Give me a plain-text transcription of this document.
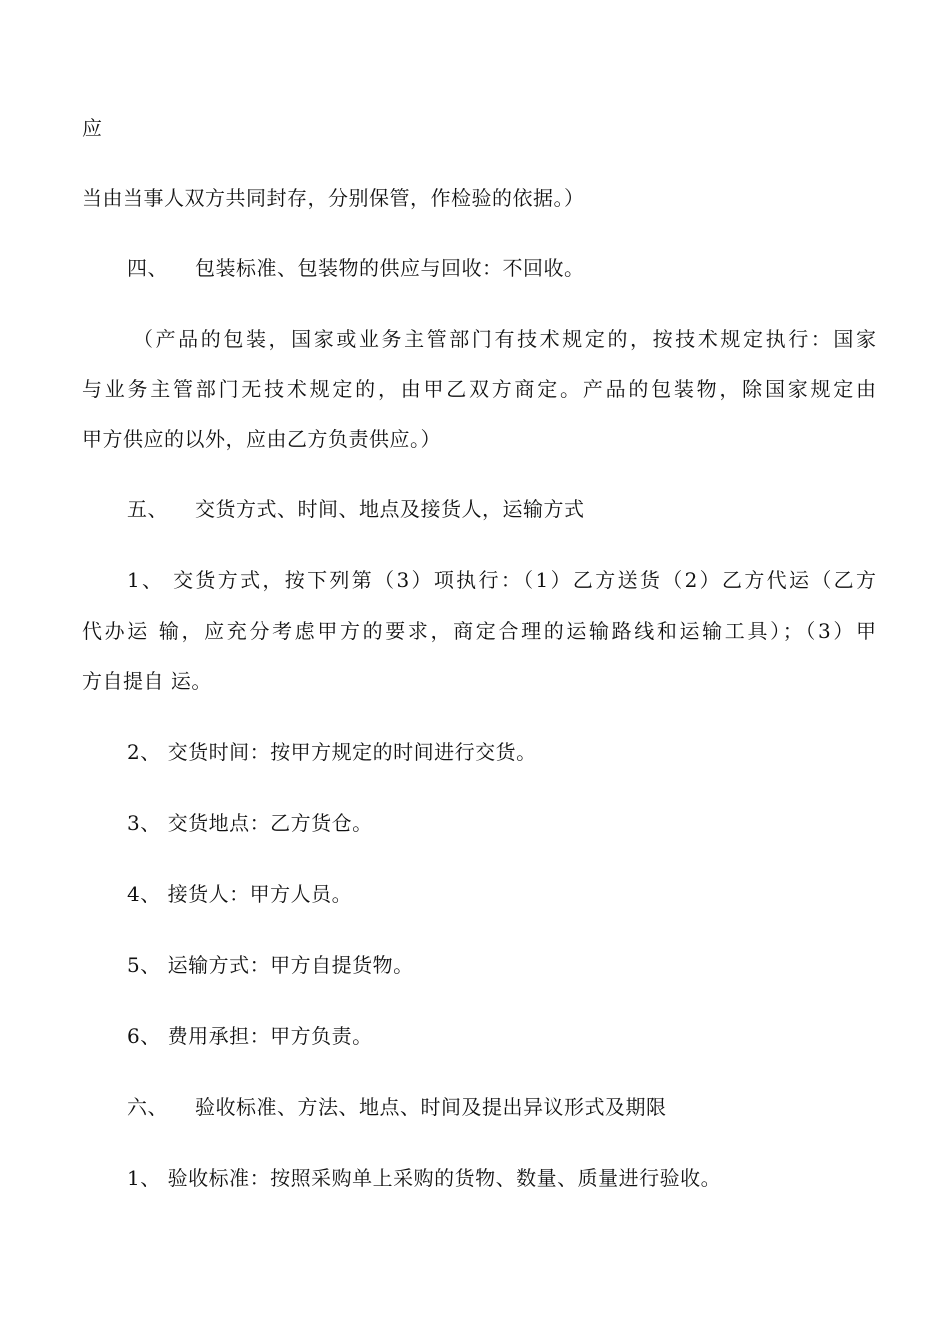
应
当由当事人双方共同封存，分别保管，作检验的依据。）
四、 包装标准、包装物的供应与回收：不回收。
（产品的包装，国家或业务主管部门有技术规定的，按技术规定执行：国家
与业务主管部门无技术规定的，由甲乙双方商定。产品的包装物，除国家规定由
甲方供应的以外，应由乙方负责供应。）
五、 交货方式、时间、地点及接货人，运输方式
1、 交货方式，按下列第（3）项执行：（1）乙方送货（2）乙方代运（乙方
代办运 输，应充分考虑甲方的要求，商定合理的运输路线和运输工具）；（3）甲
方自提自 运。
2、 交货时间：按甲方规定的时间进行交货。
3、 交货地点：乙方货仓。
4、 接货人：甲方人员。
5、 运输方式：甲方自提货物。
6、 费用承担：甲方负责。
六、 验收标准、方法、地点、时间及提出异议形式及期限
1、 验收标准：按照采购单上采购的货物、数量、质量进行验收。
